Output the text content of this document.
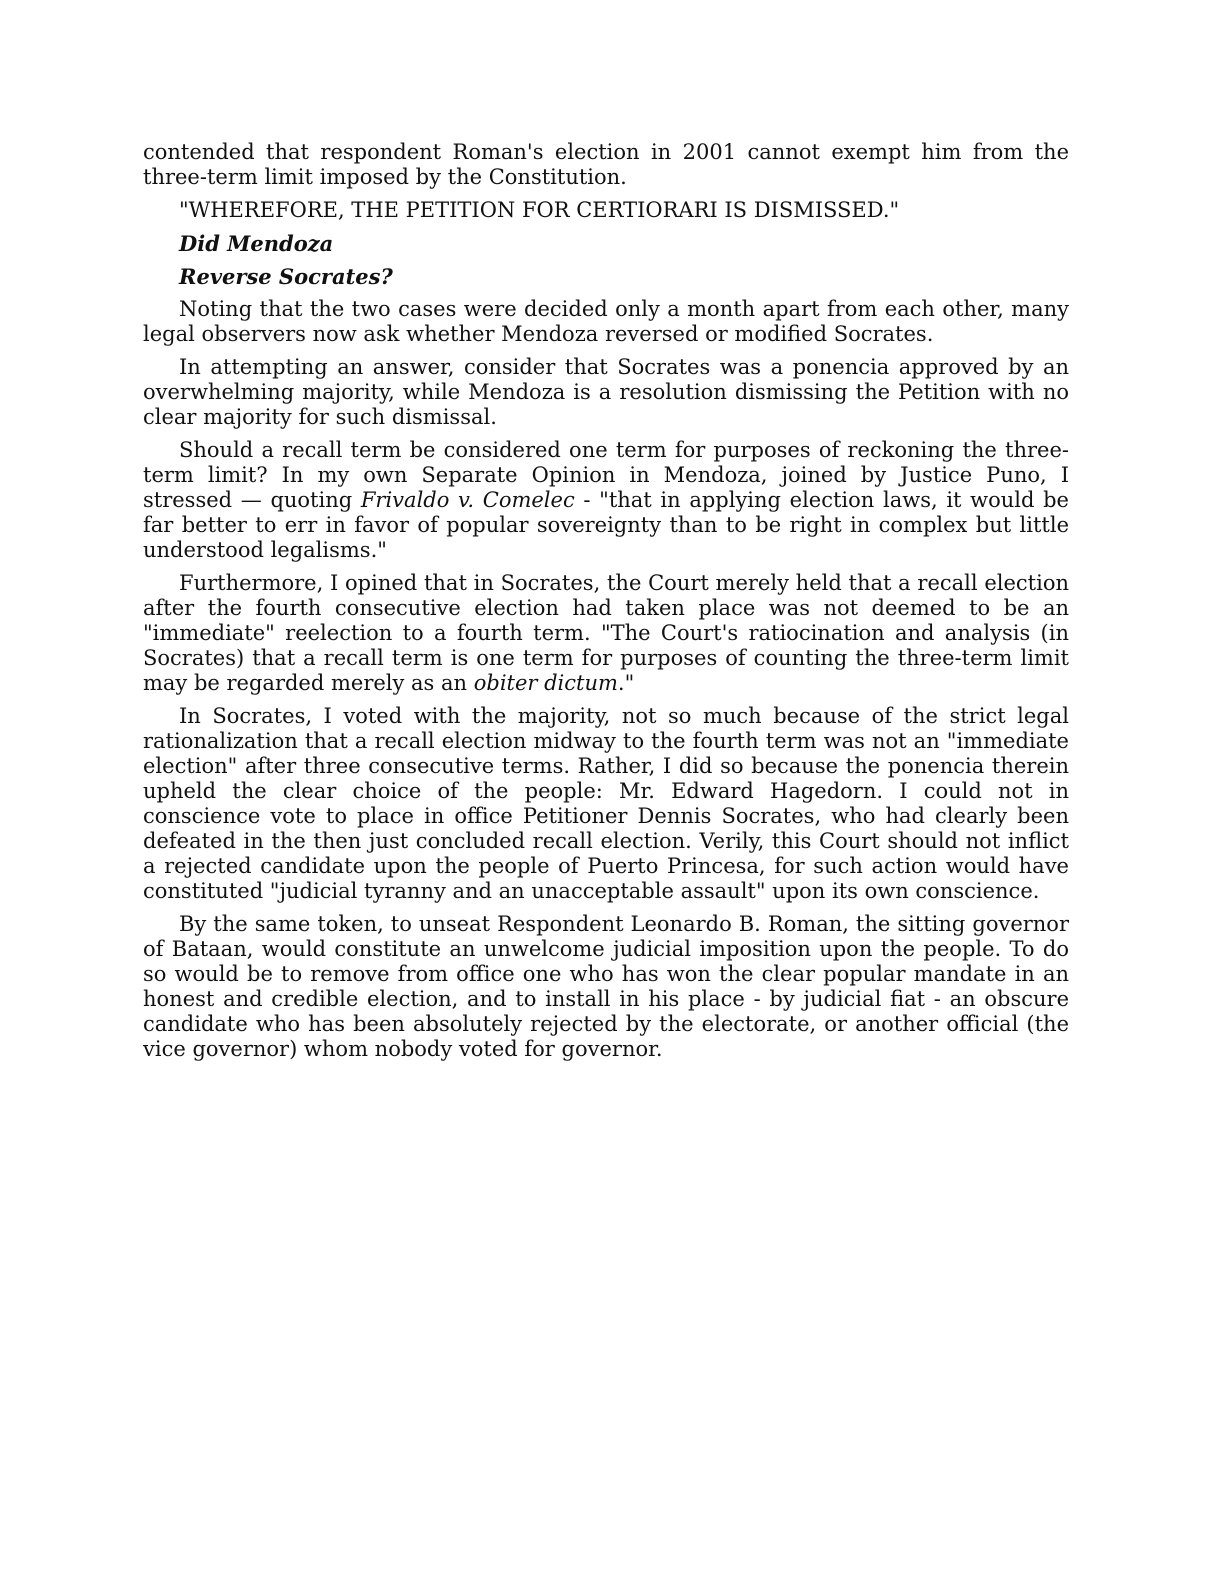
contended that respondent Roman's election in 2001 cannot exempt him from the three-term limit imposed by the Constitution.

"WHEREFORE, THE PETITION FOR CERTIORARI IS DISMISSED."

Did Mendoza

Reverse Socrates?

Noting that the two cases were decided only a month apart from each other, many legal observers now ask whether Mendoza reversed or modified Socrates.

In attempting an answer, consider that Socrates was a ponencia approved by an overwhelming majority, while Mendoza is a resolution dismissing the Petition with no clear majority for such dismissal.

Should a recall term be considered one term for purposes of reckoning the three-term limit? In my own Separate Opinion in Mendoza, joined by Justice Puno, I stressed — quoting Frivaldo v. Comelec - "that in applying election laws, it would be far better to err in favor of popular sovereignty than to be right in complex but little understood legalisms."

Furthermore, I opined that in Socrates, the Court merely held that a recall election after the fourth consecutive election had taken place was not deemed to be an "immediate" reelection to a fourth term. "The Court's ratiocination and analysis (in Socrates) that a recall term is one term for purposes of counting the three-term limit may be regarded merely as an obiter dictum."

In Socrates, I voted with the majority, not so much because of the strict legal rationalization that a recall election midway to the fourth term was not an "immediate election" after three consecutive terms. Rather, I did so because the ponencia therein upheld the clear choice of the people: Mr. Edward Hagedorn. I could not in conscience vote to place in office Petitioner Dennis Socrates, who had clearly been defeated in the then just concluded recall election. Verily, this Court should not inflict a rejected candidate upon the people of Puerto Princesa, for such action would have constituted "judicial tyranny and an unacceptable assault" upon its own conscience.

By the same token, to unseat Respondent Leonardo B. Roman, the sitting governor of Bataan, would constitute an unwelcome judicial imposition upon the people. To do so would be to remove from office one who has won the clear popular mandate in an honest and credible election, and to install in his place - by judicial fiat - an obscure candidate who has been absolutely rejected by the electorate, or another official (the vice governor) whom nobody voted for governor.
